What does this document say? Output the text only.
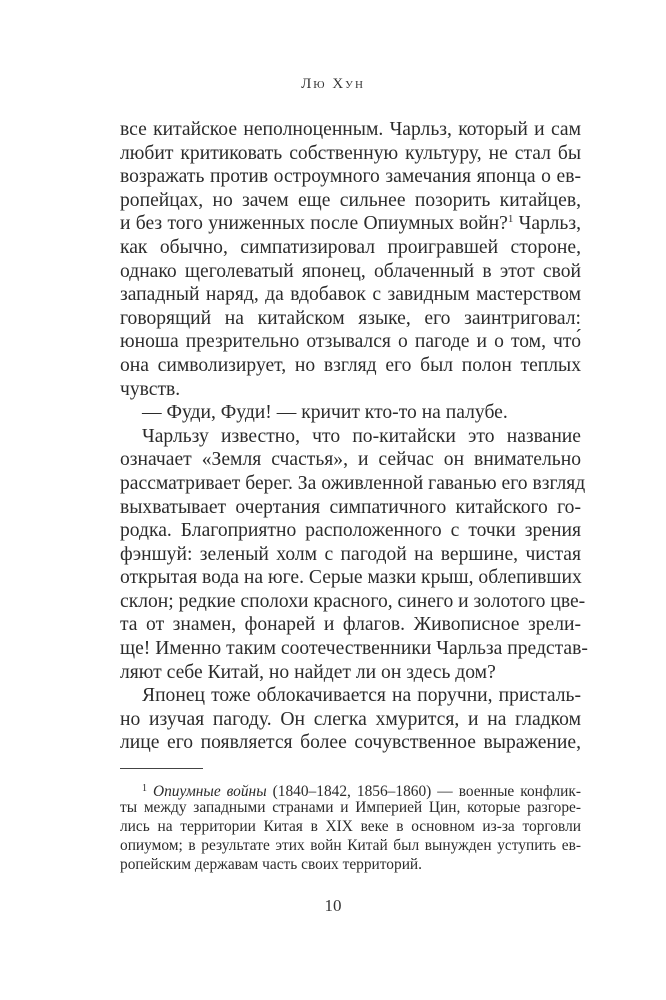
Лю Хун
все китайское неполноценным. Чарльз, который и сам
любит критиковать собственную культуру, не стал бы
возражать против остроумного замечания японца о ев-
ропейцах, но зачем еще сильнее позорить китайцев,
и без того униженных после Опиумных войн?$^1$ Чарльз,
как обычно, симпатизировал проигравшей стороне,
однако щеголеватый японец, облаченный в этот свой
западный наряд, да вдобавок с завидным мастерством
говорящий на китайском языке, его заинтриговал:
юноша презрительно отзывался о пагоде и о том, что́
она символизирует, но взгляд его был полон теплых
чувств.
— Фуди, Фуди! — кричит кто-то на палубе.
Чарльзу известно, что по-китайски это название
означает «Земля счастья», и сейчас он внимательно
рассматривает берег. За оживленной гаванью его взгляд
выхватывает очертания симпатичного китайского го-
родка. Благоприятно расположенного с точки зрения
фэншуй: зеленый холм с пагодой на вершине, чистая
открытая вода на юге. Серые мазки крыш, облепивших
склон; редкие сполохи красного, синего и золотого цве-
та от знамен, фонарей и флагов. Живописное зрели-
ще! Именно таким соотечественники Чарльза представ-
ляют себе Китай, но найдет ли он здесь дом?
Японец тоже облокачивается на поручни, присталь-
но изучая пагоду. Он слегка хмурится, и на гладком
лице его появляется более сочувственное выражение,
$^1$ Опиумные войны (1840–1842, 1856–1860) — военные конфлик-
ты между западными странами и Империей Цин, которые разгоре-
лись на территории Китая в XIX веке в основном из-за торговли
опиумом; в результате этих войн Китай был вынужден уступить ев-
ропейским державам часть своих территорий.
10
